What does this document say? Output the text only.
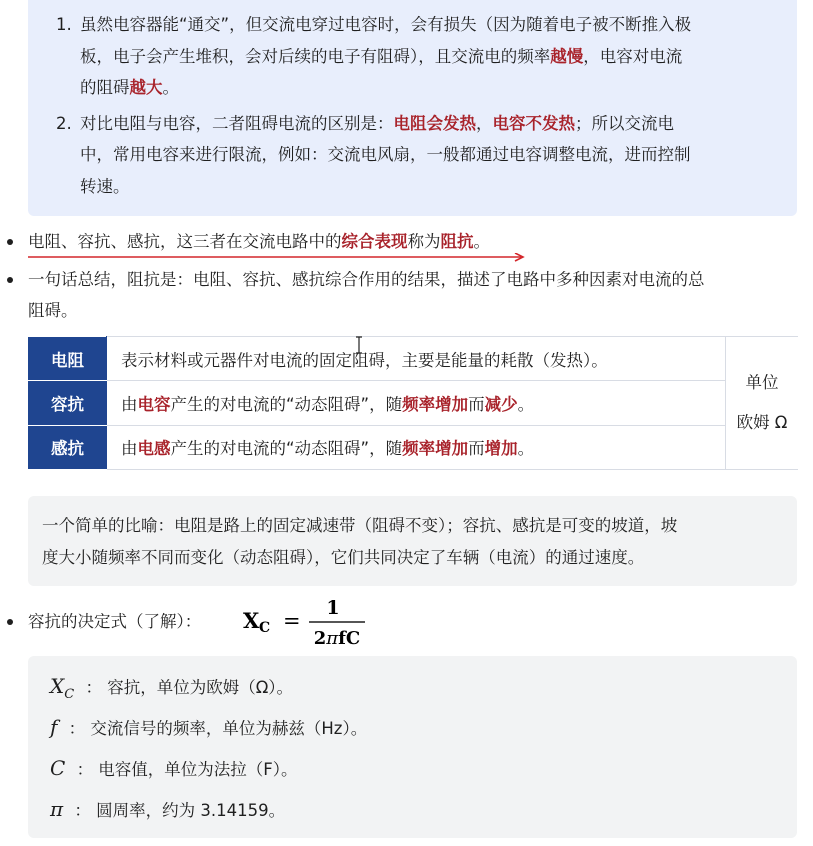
1. 虽然电容器能“通交”，但交流电穿过电容时，会有损失（因为随着电子被不断推入极
板，电子会产生堆积，会对后续的电子有阻碍），且交流电的频率越慢，电容对电流
的阻碍越大。
2. 对比电阻与电容，二者阻碍电流的区别是：电阻会发热，电容不发热；所以交流电
中，常用电容来进行限流，例如：交流电风扇，一般都通过电容调整电流，进而控制
转速。
电阻、容抗、感抗，这三者在交流电路中的综合表现称为阻抗。
一句话总结，阻抗是：电阻、容抗、感抗综合作用的结果，描述了电路中多种因素对电流的总
阻碍。
电阻	表示材料或元器件对电流的固定阻碍，主要是能量的耗散（发热）。	单位
欧姆 Ω

容抗	由电容产生的对电流的“动态阻碍”，随频率增加而减少。	
感抗	由电感产生的对电流的“动态阻碍”，随频率增加而增加。	
一个简单的比喻：电阻是路上的固定减速带（阻碍不变）；容抗、感抗是可变的坡道，坡
度大小随频率不同而变化（动态阻碍），它们共同决定了车辆（电流）的通过速度。
容抗的决定式（了解）： X C =
1
2πfC
$X_C$ ： 容抗，单位为欧姆（Ω）。
f ： 交流信号的频率，单位为赫兹（Hz）。
C ： 电容值，单位为法拉（F）。
π ： 圆周率，约为 3.14159。
